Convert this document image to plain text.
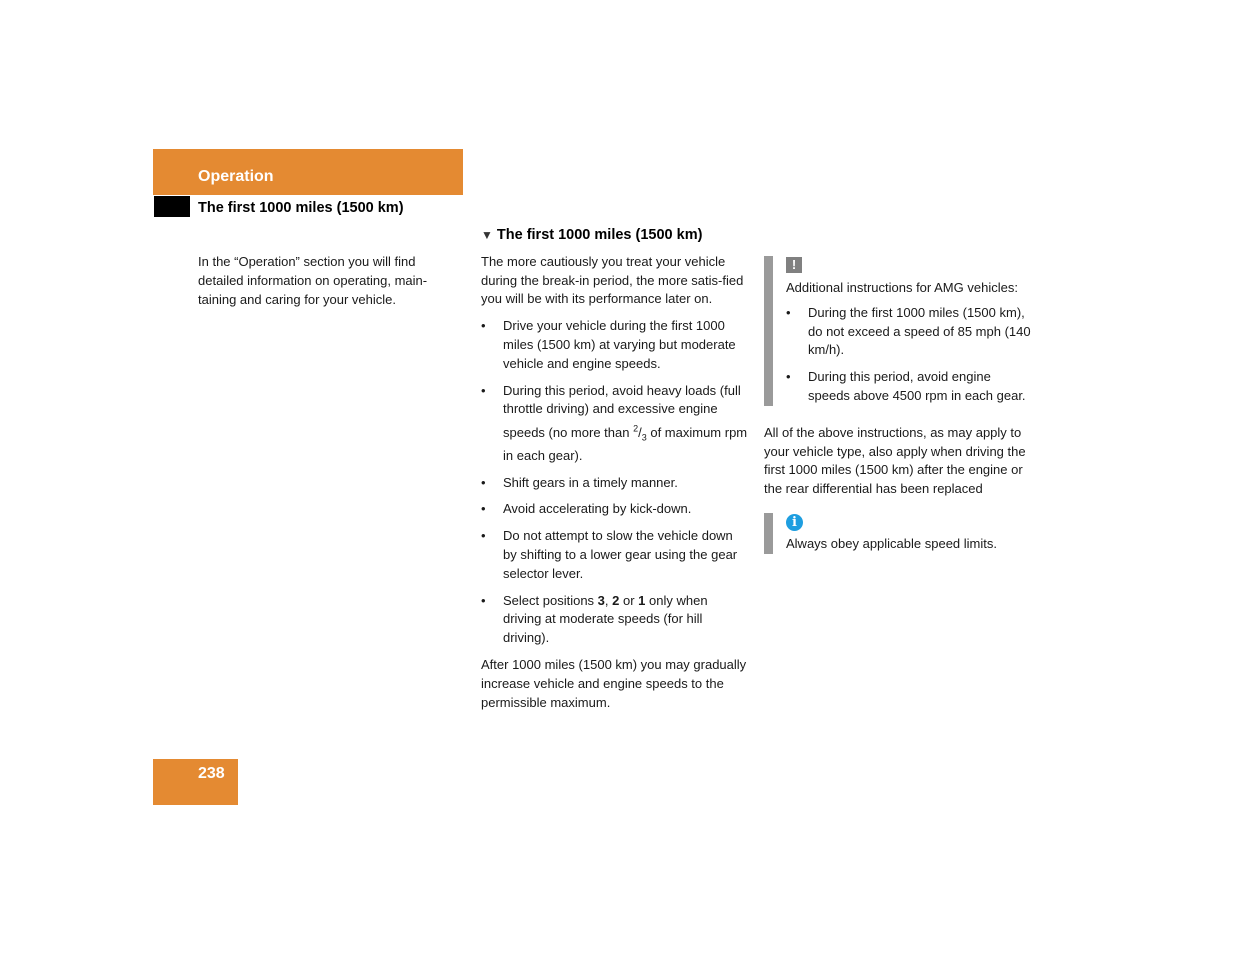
Operation
The first 1000 miles (1500 km)
In the “Operation” section you will find detailed information on operating, main-taining and caring for your vehicle.
▼ The first 1000 miles (1500 km)

The more cautiously you treat your vehicle during the break-in period, the more satis-fied you will be with its performance later on.

• Drive your vehicle during the first 1000 miles (1500 km) at varying but moderate vehicle and engine speeds.
• During this period, avoid heavy loads (full throttle driving) and excessive engine speeds (no more than $^2/_3$ of maximum rpm in each gear).
• Shift gears in a timely manner.
• Avoid accelerating by kick-down.
• Do not attempt to slow the vehicle down by shifting to a lower gear using the gear selector lever.
• Select positions 3, 2 or 1 only when driving at moderate speeds (for hill driving).

After 1000 miles (1500 km) you may gradually increase vehicle and engine speeds to the permissible maximum.

!

Additional instructions for AMG vehicles:

• During the first 1000 miles (1500 km), do not exceed a speed of 85 mph (140 km/h).
• During this period, avoid engine speeds above 4500 rpm in each gear.

All of the above instructions, as may apply to your vehicle type, also apply when driving the first 1000 miles (1500 km) after the engine or the rear differential has been replaced

i

Always obey applicable speed limits.

238
